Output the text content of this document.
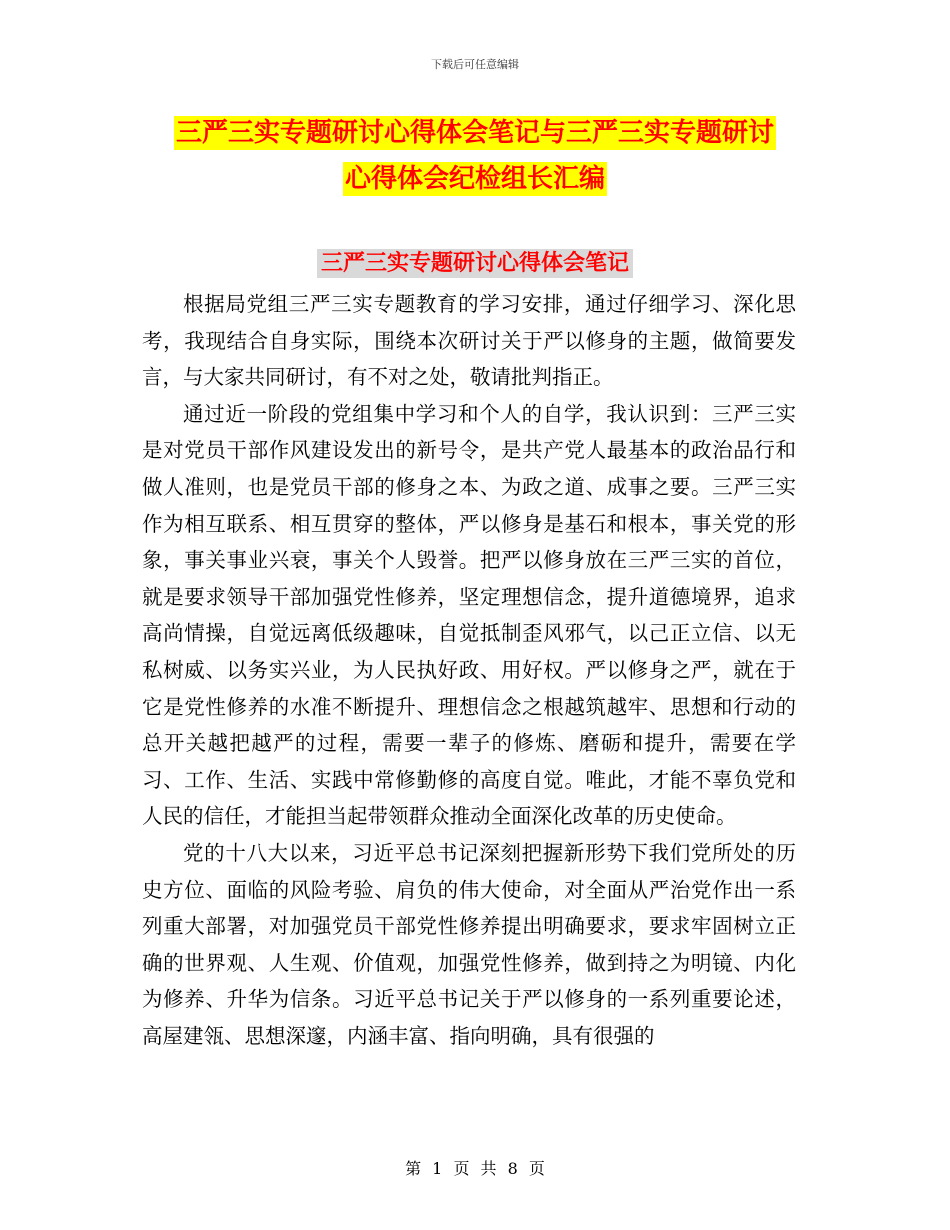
下载后可任意编辑
三严三实专题研讨心得体会笔记与三严三实专题研讨
心得体会纪检组长汇编
三严三实专题研讨心得体会笔记

根据局党组三严三实专题教育的学习安排，通过仔细学习、深化思考，我现结合自身实际，围绕本次研讨关于严以修身的主题，做简要发言，与大家共同研讨，有不对之处，敬请批判指正。

通过近一阶段的党组集中学习和个人的自学，我认识到：三严三实是对党员干部作风建设发出的新号令，是共产党人最基本的政治品行和做人准则，也是党员干部的修身之本、为政之道、成事之要。三严三实作为相互联系、相互贯穿的整体，严以修身是基石和根本，事关党的形象，事关事业兴衰，事关个人毁誉。把严以修身放在三严三实的首位，就是要求领导干部加强党性修养，坚定理想信念，提升道德境界，追求高尚情操，自觉远离低级趣味，自觉抵制歪风邪气，以己正立信、以无私树威、以务实兴业，为人民执好政、用好权。严以修身之严，就在于它是党性修养的水准不断提升、理想信念之根越筑越牢、思想和行动的总开关越把越严的过程，需要一辈子的修炼、磨砺和提升，需要在学习、工作、生活、实践中常修勤修的高度自觉。唯此，才能不辜负党和人民的信任，才能担当起带领群众推动全面深化改革的历史使命。

党的十八大以来，习近平总书记深刻把握新形势下我们党所处的历史方位、面临的风险考验、肩负的伟大使命，对全面从严治党作出一系列重大部署，对加强党员干部党性修养提出明确要求，要求牢固树立正确的世界观、人生观、价值观，加强党性修养，做到持之为明镜、内化为修养、升华为信条。习近平总书记关于严以修身的一系列重要论述，高屋建瓴、思想深邃，内涵丰富、指向明确，具有很强的

第 1 页 共 8 页
